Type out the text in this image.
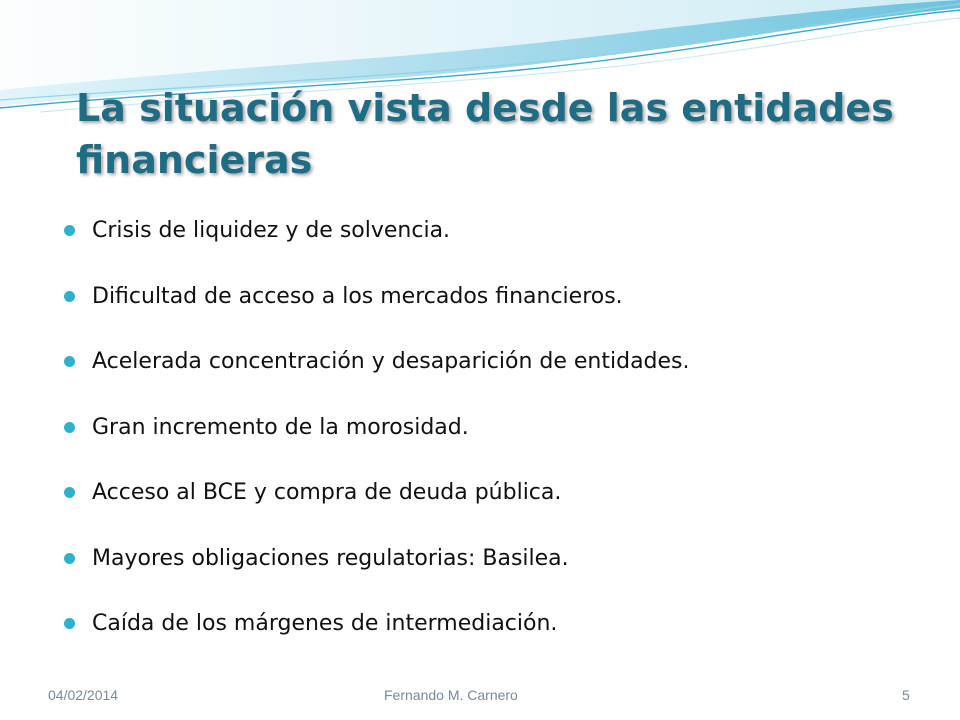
La situación vista desde las entidades financieras
Crisis de liquidez y de solvencia.
Dificultad de acceso a los mercados financieros.
Acelerada concentración y desaparición de entidades.
Gran incremento de la morosidad.
Acceso al BCE y compra de deuda pública.
Mayores obligaciones regulatorias: Basilea.
Caída de los márgenes de intermediación.
04/02/2014	Fernando M. Carnero	5
